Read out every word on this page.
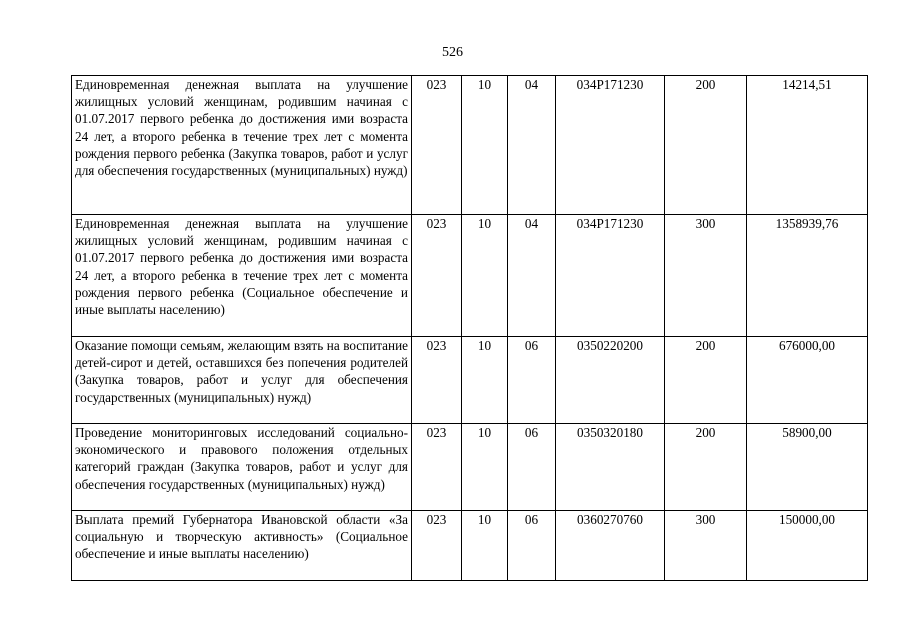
526
Единовременная денежная выплата на улучшение жилищных условий женщинам, родившим начиная с 01.07.2017 первого ребенка до достижения ими возраста 24 лет, а второго ребенка в течение трех лет с момента рождения первого ребенка (Закупка товаров, работ и услуг для обеспечения государственных (муниципальных) нужд)	023	10	04	034P171230	200	14214,51
Единовременная денежная выплата на улучшение жилищных условий женщинам, родившим начиная с 01.07.2017 первого ребенка до достижения ими возраста 24 лет, а второго ребенка в течение трех лет с момента рождения первого ребенка (Социальное обеспечение и иные выплаты населению)	023	10	04	034P171230	300	1358939,76
Оказание помощи семьям, желающим взять на воспитание детей-сирот и детей, оставшихся без попечения родителей (Закупка товаров, работ и услуг для обеспечения государственных (муниципальных) нужд)	023	10	06	0350220200	200	676000,00
Проведение мониторинговых исследований социально-экономического и правового положения отдельных категорий граждан (Закупка товаров, работ и услуг для обеспечения государственных (муниципальных) нужд)	023	10	06	0350320180	200	58900,00
Выплата премий Губернатора Ивановской области «За социальную и творческую активность» (Социальное обеспечение и иные выплаты населению)	023	10	06	0360270760	300	150000,00
